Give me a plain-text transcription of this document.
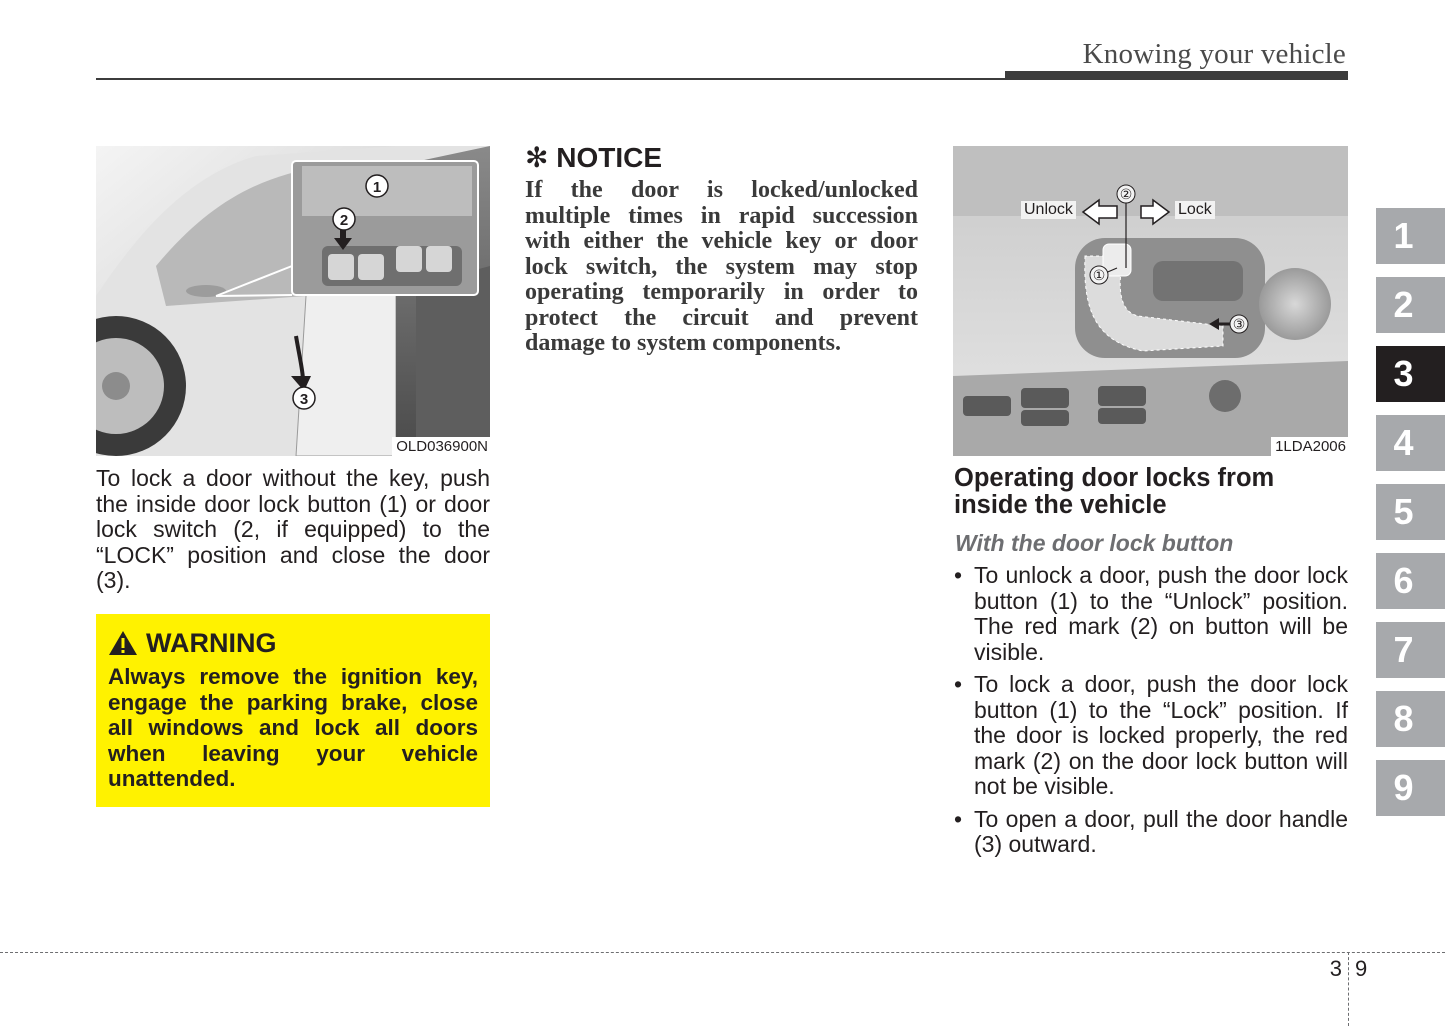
Knowing your vehicle
1
2
3
OLD036900N
To lock a door without the key, push the inside door lock button (1) or door lock switch (2, if equipped) to the “LOCK” position and close the door (3).
WARNING
Always remove the ignition key, engage the parking brake, close all windows and lock all doors when leaving your vehicle unattended.
✻ NOTICE
If the door is locked/unlocked multiple times in rapid succession with either the vehicle key or door lock switch, the system may stop operating temporarily in order to protect the circuit and prevent damage to system components.
②
①
③
Unlock	Lock
1LDA2006
Operating door locks from inside the vehicle
With the door lock button
• To unlock a door, push the door lock button (1) to the “Unlock” position. The red mark (2) on button will be visible.
• To lock a door, push the door lock button (1) to the “Lock” position. If the door is locked properly, the red mark (2) on the door lock button will not be visible.
• To open a door, pull the door handle (3) outward.
1
2
3
4
5
6
7
8
9
3 9
